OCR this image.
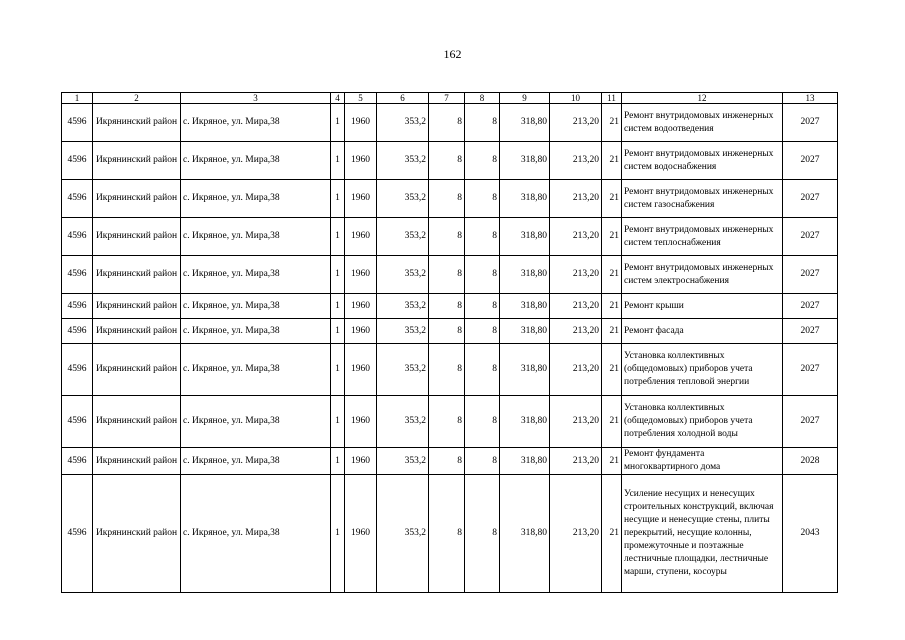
162
1	2	3	4	5	6	7	8	9	10	11	12	13
4596	Икрянинский район	с. Икряное, ул. Мира,38	1	1960	353,2	8	8	318,80	213,20	21	Ремонт внутридомовых инженерных систем водоотведения	2027
4596	Икрянинский район	с. Икряное, ул. Мира,38	1	1960	353,2	8	8	318,80	213,20	21	Ремонт внутридомовых инженерных систем водоснабжения	2027
4596	Икрянинский район	с. Икряное, ул. Мира,38	1	1960	353,2	8	8	318,80	213,20	21	Ремонт внутридомовых инженерных систем газоснабжения	2027
4596	Икрянинский район	с. Икряное, ул. Мира,38	1	1960	353,2	8	8	318,80	213,20	21	Ремонт внутридомовых инженерных систем теплоснабжения	2027
4596	Икрянинский район	с. Икряное, ул. Мира,38	1	1960	353,2	8	8	318,80	213,20	21	Ремонт внутридомовых инженерных систем электроснабжения	2027
4596	Икрянинский район	с. Икряное, ул. Мира,38	1	1960	353,2	8	8	318,80	213,20	21	Ремонт крыши	2027
4596	Икрянинский район	с. Икряное, ул. Мира,38	1	1960	353,2	8	8	318,80	213,20	21	Ремонт фасада	2027
4596	Икрянинский район	с. Икряное, ул. Мира,38	1	1960	353,2	8	8	318,80	213,20	21	Установка коллективных (общедомовых) приборов учета потребления тепловой энергии	2027
4596	Икрянинский район	с. Икряное, ул. Мира,38	1	1960	353,2	8	8	318,80	213,20	21	Установка коллективных (общедомовых) приборов учета потребления холодной воды	2027
4596	Икрянинский район	с. Икряное, ул. Мира,38	1	1960	353,2	8	8	318,80	213,20	21	Ремонт фундамента многоквартирного дома	2028
4596	Икрянинский район	с. Икряное, ул. Мира,38	1	1960	353,2	8	8	318,80	213,20	21	Усиление несущих и ненесущих строительных конструкций, включая несущие и ненесущие стены, плиты перекрытий, несущие колонны, промежуточные и поэтажные лестничные площадки, лестничные марши, ступени, косоуры	2043
